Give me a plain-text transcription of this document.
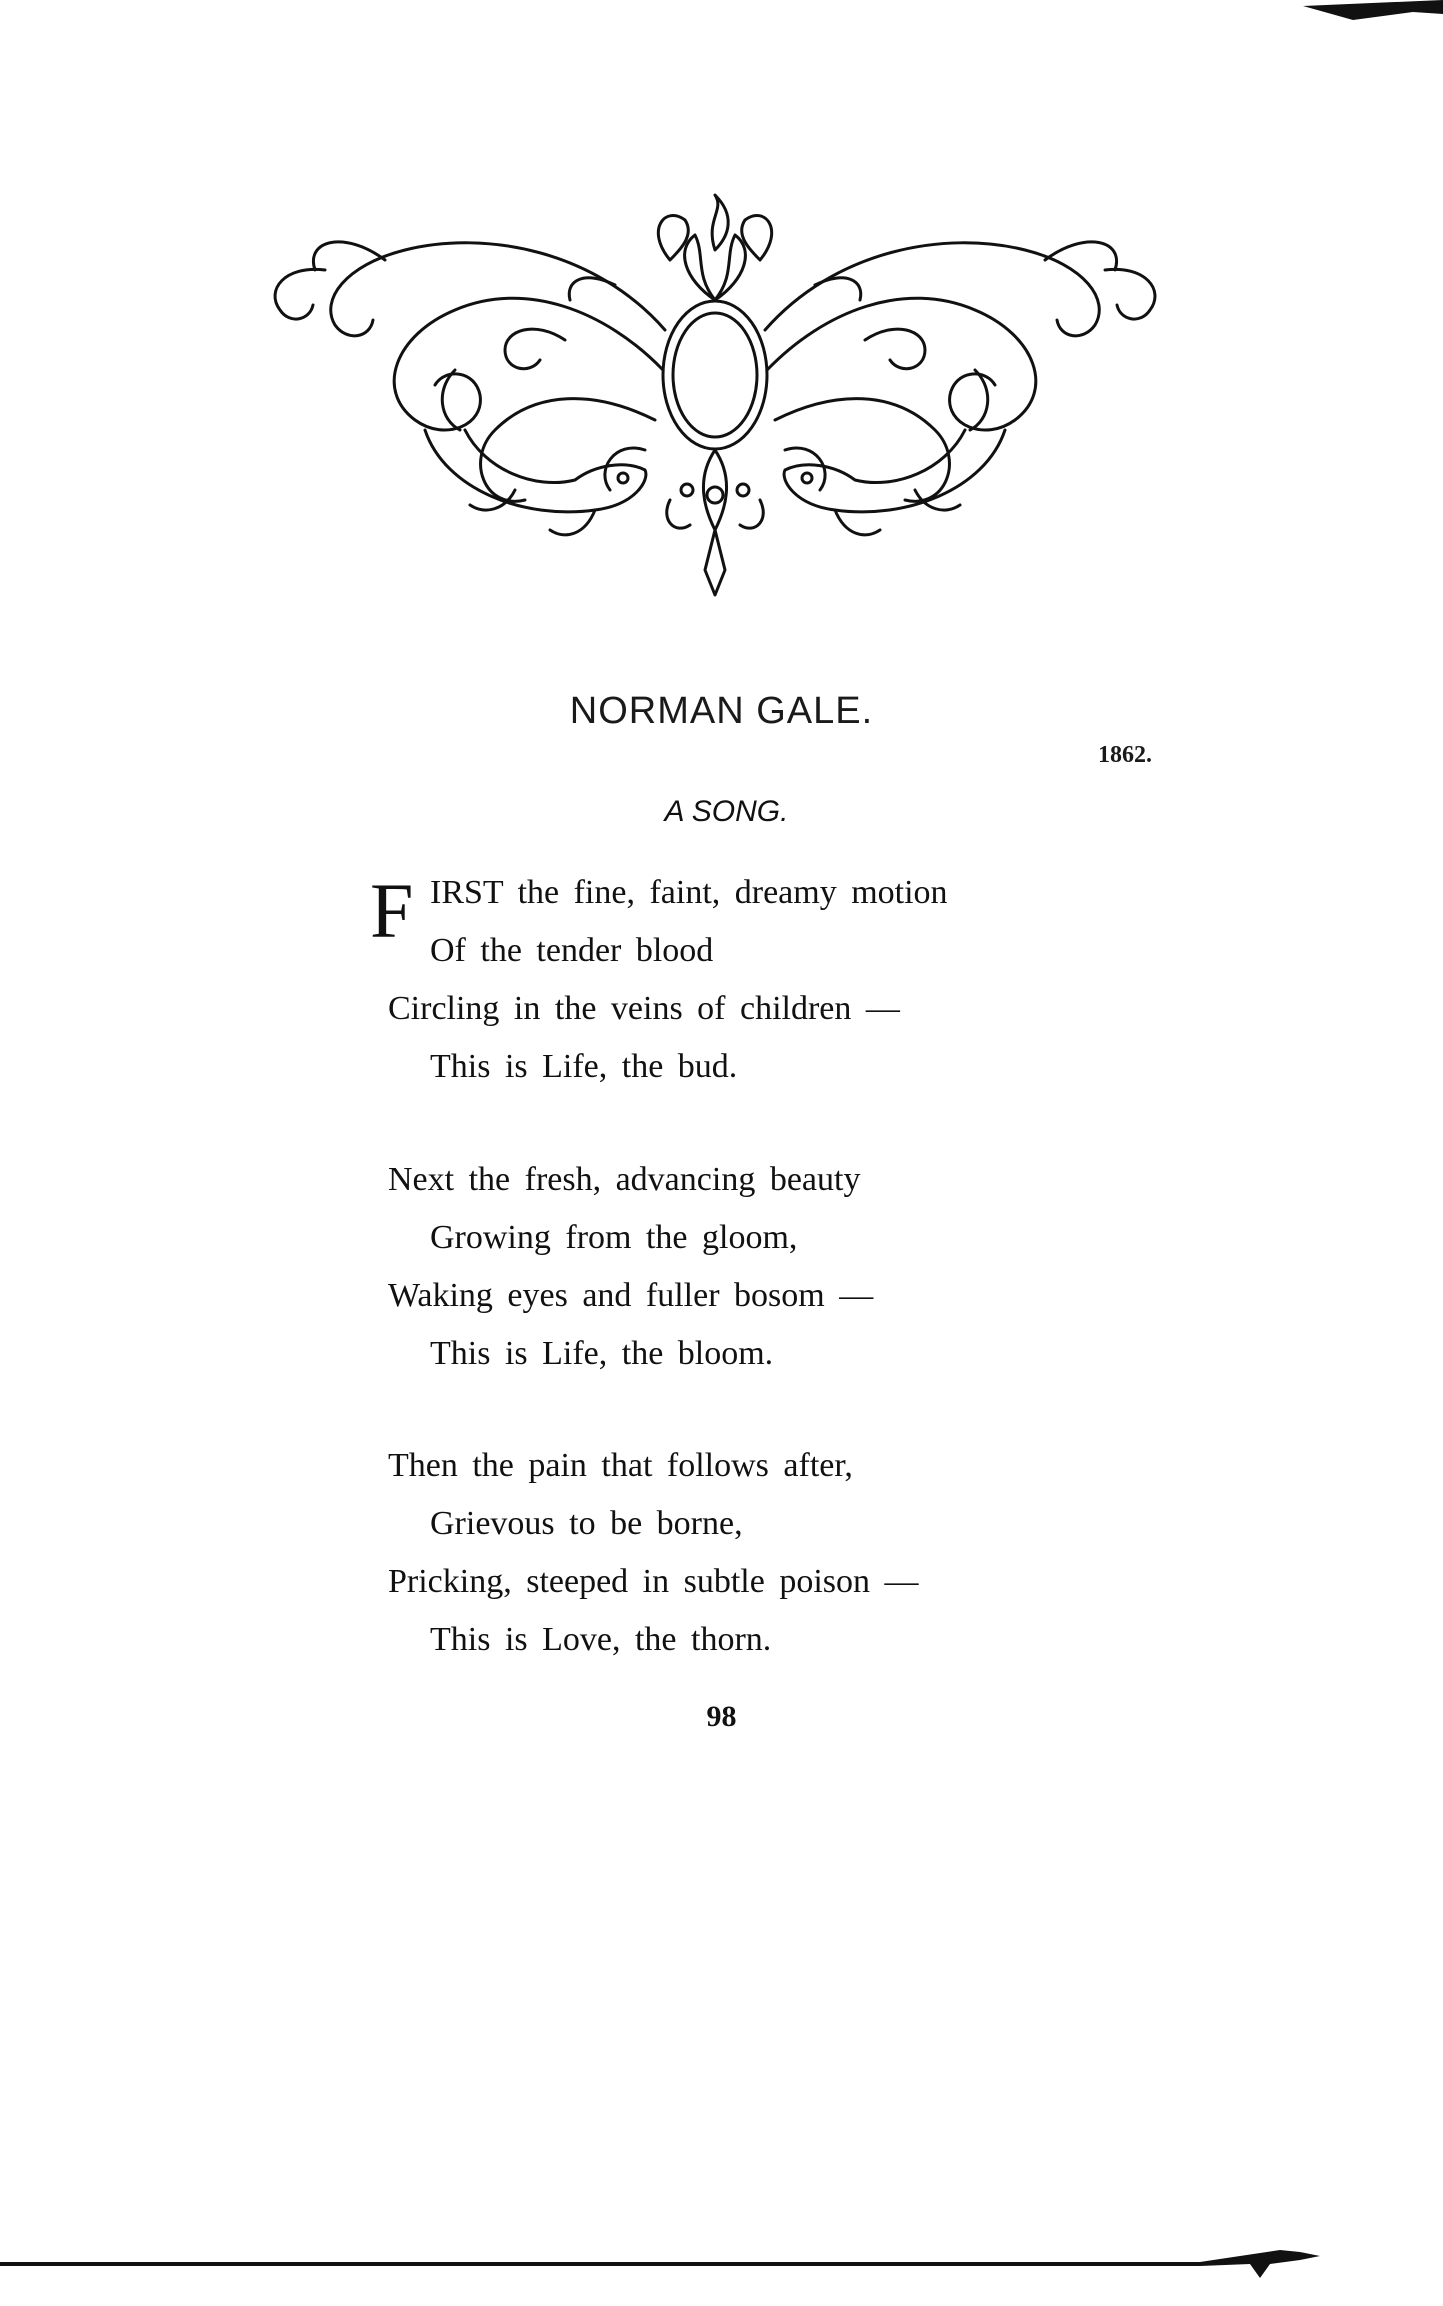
NORMAN GALE.
1862.
A SONG.
F IRST the fine, faint, dreamy motion
Of the tender blood
Circling in the veins of children —
This is Life, the bud.
Next the fresh, advancing beauty
Growing from the gloom,
Waking eyes and fuller bosom —
This is Life, the bloom.
Then the pain that follows after,
Grievous to be borne,
Pricking, steeped in subtle poison —
This is Love, the thorn.
98
